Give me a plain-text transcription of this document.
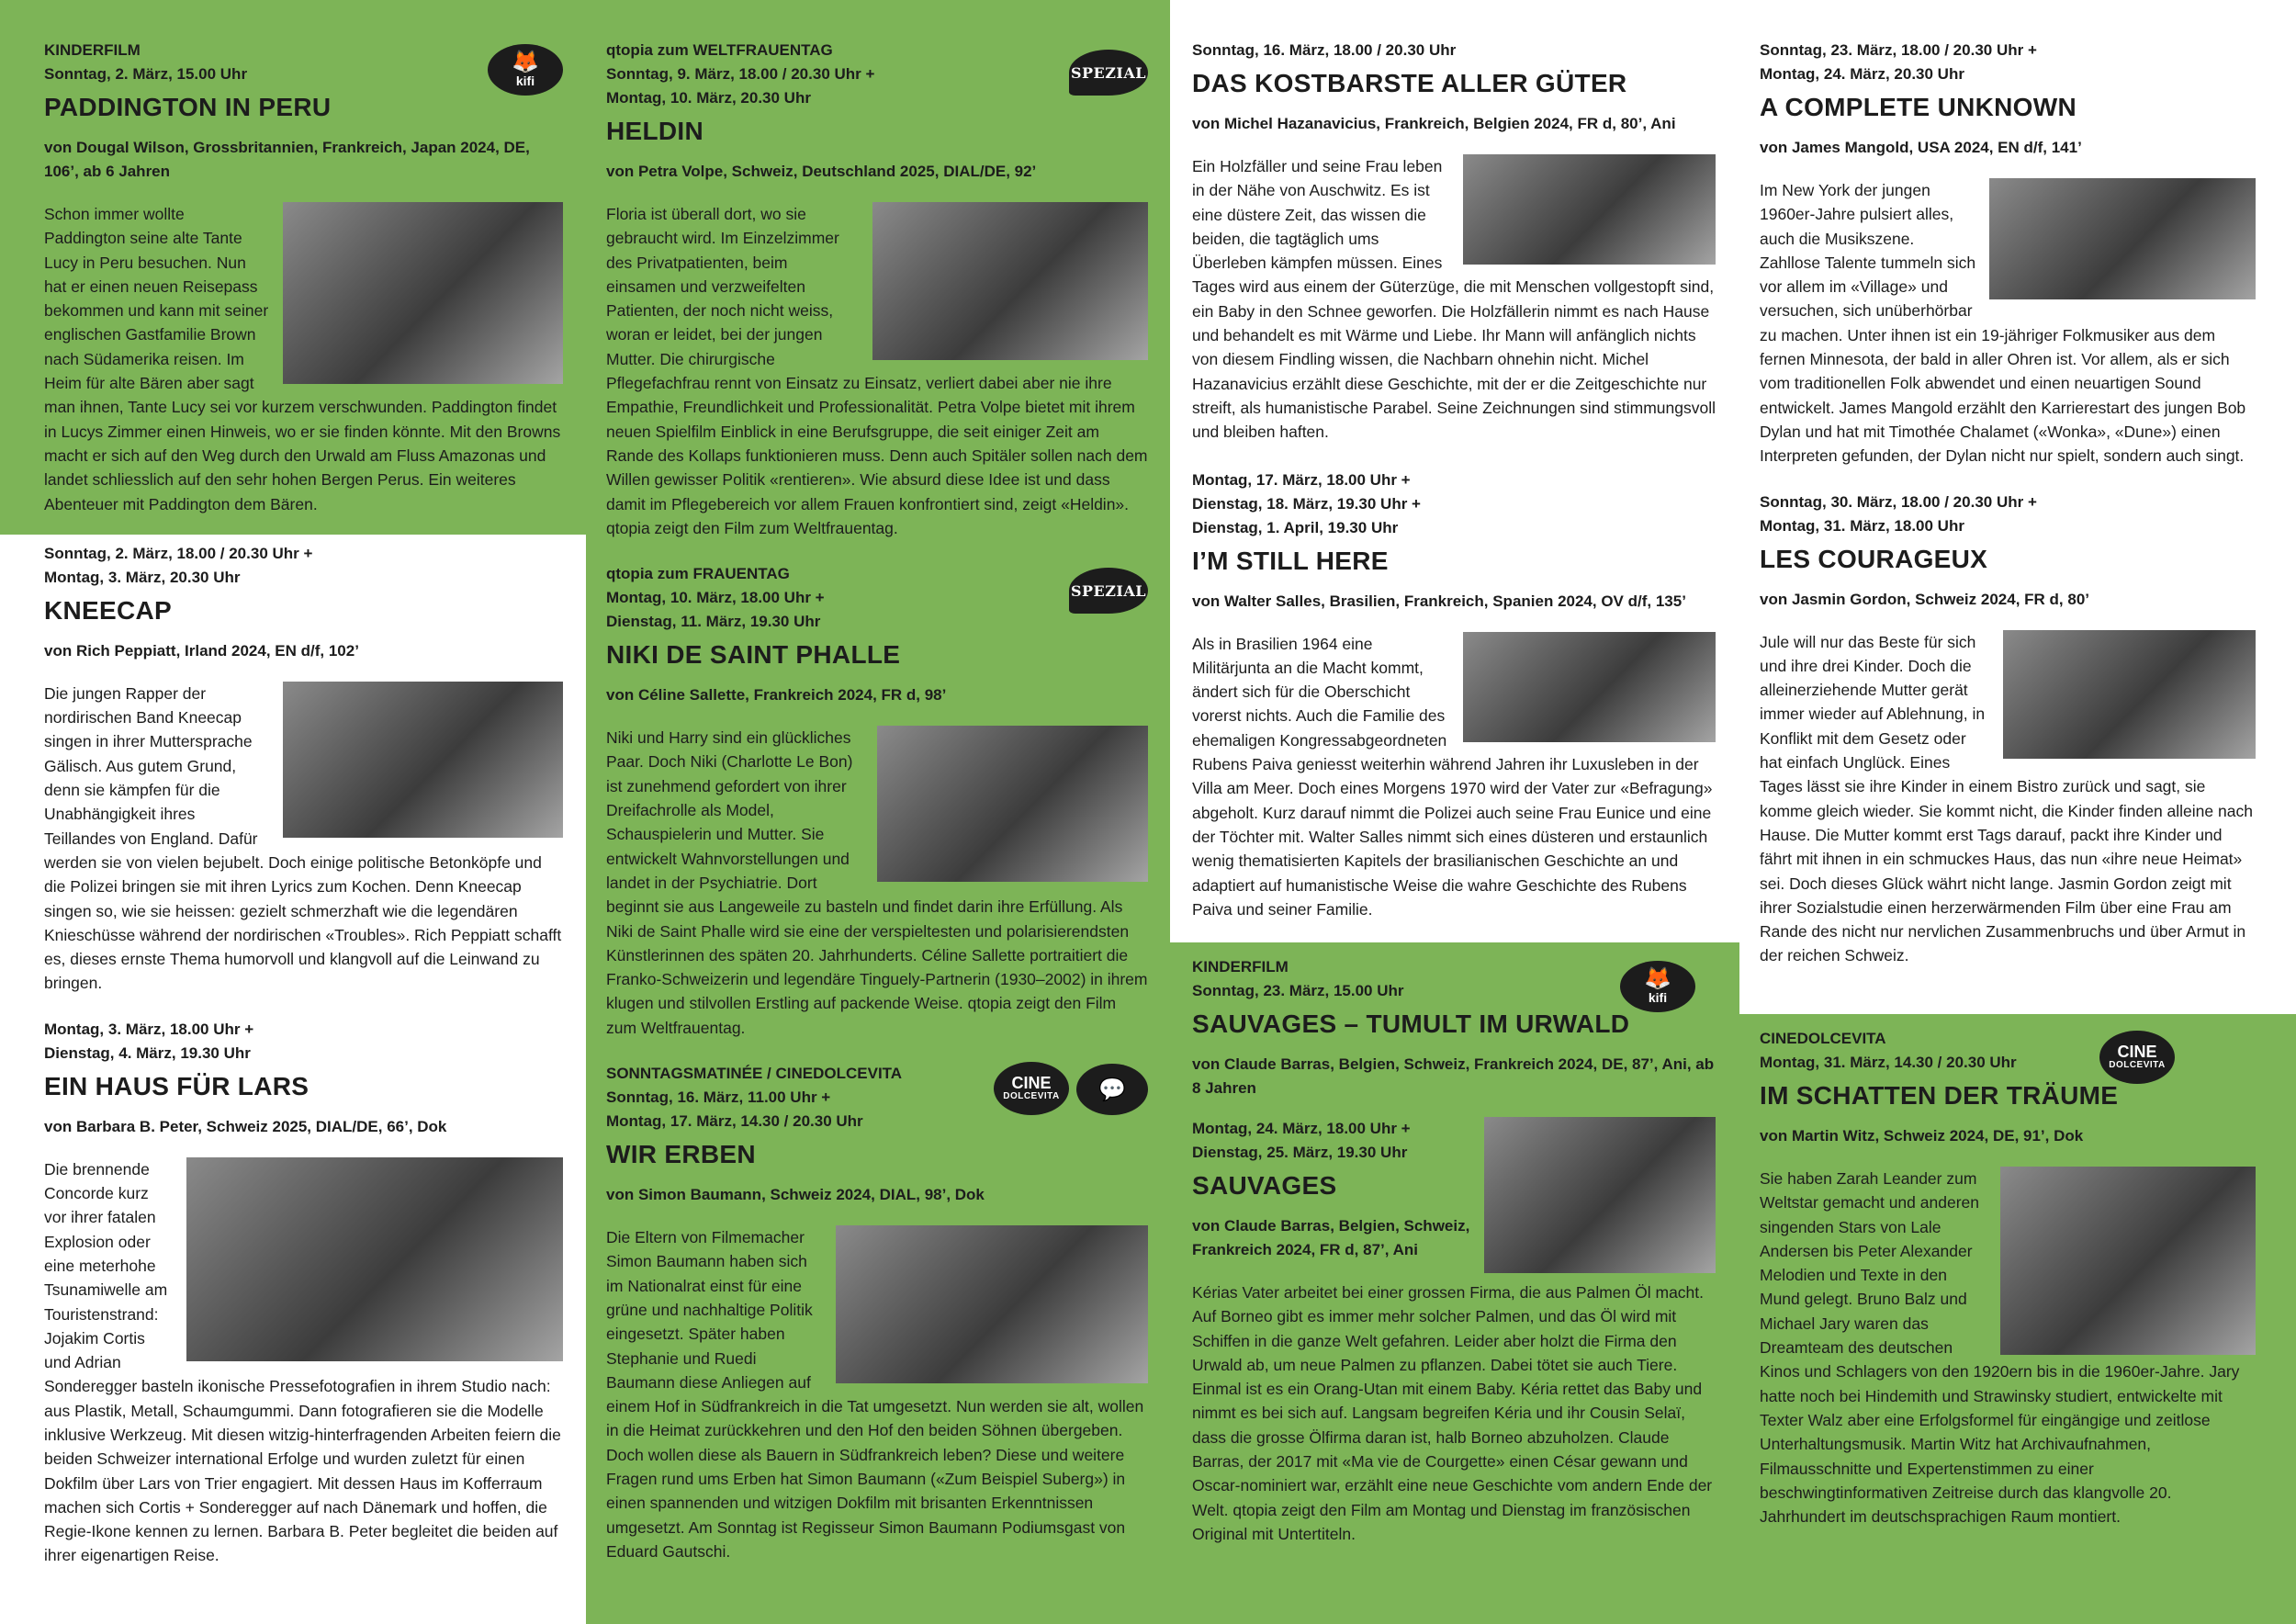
🦊
kifi
KINDERFILM
Sonntag, 2. März, 15.00 Uhr
PADDINGTON IN PERU
von Dougal Wilson, Grossbritannien, Frankreich, Japan 2024, DE, 106’, ab 6 Jahren
Schon immer wollte Paddington seine alte Tante Lucy in Peru besuchen. Nun hat er einen neuen Reisepass bekommen und kann mit seiner englischen Gastfamilie Brown nach Südamerika reisen. Im Heim für alte Bären aber sagt man ihnen, Tante Lucy sei vor kurzem verschwunden. Paddington findet in Lucys Zimmer einen Hinweis, wo er sie finden könnte. Mit den Browns macht er sich auf den Weg durch den Urwald am Fluss Amazonas und landet schliesslich auf den sehr hohen Bergen Perus. Ein weiteres Abenteuer mit Paddington dem Bären.
Sonntag, 2. März, 18.00 / 20.30 Uhr + Montag, 3. März, 20.30 Uhr
KNEECAP
von Rich Peppiatt, Irland 2024, EN d/f, 102’
Die jungen Rapper der nordirischen Band Kneecap singen in ihrer Muttersprache Gälisch. Aus gutem Grund, denn sie kämpfen für die Unabhängigkeit ihres Teillandes von England. Dafür werden sie von vielen bejubelt. Doch einige politische Betonköpfe und die Polizei bringen sie mit ihren Lyrics zum Kochen. Denn Kneecap singen so, wie sie heissen: gezielt schmerzhaft wie die legendären Knieschüsse während der nordirischen «Troubles». Rich Peppiatt schafft es, dieses ernste Thema humorvoll und klangvoll auf die Leinwand zu bringen.
Montag, 3. März, 18.00 Uhr + Dienstag, 4. März, 19.30 Uhr
EIN HAUS FÜR LARS
von Barbara B. Peter, Schweiz 2025, DIAL/DE, 66’, Dok
Die brennende Concorde kurz vor ihrer fatalen Explosion oder eine meterhohe Tsunamiwelle am Touristenstrand: Jojakim Cortis und Adrian Sonderegger basteln ikonische Pressefotografien in ihrem Studio nach: aus Plastik, Metall, Schaumgummi. Dann fotografieren sie die Modelle inklusive Werkzeug. Mit diesen witzig-hinterfragenden Arbeiten feiern die beiden Schweizer international Erfolge und wurden zuletzt für einen Dokfilm über Lars von Trier engagiert. Mit dessen Haus im Kofferraum machen sich Cortis + Sonderegger auf nach Dänemark und hoffen, die Regie-Ikone kennen zu lernen. Barbara B. Peter begleitet die beiden auf ihrer eigenartigen Reise.
SPEZIAL
qtopia zum WELTFRAUENTAG
Sonntag, 9. März, 18.00 / 20.30 Uhr + Montag, 10. März, 20.30 Uhr
HELDIN
von Petra Volpe, Schweiz, Deutschland 2025, DIAL/DE, 92’
Floria ist überall dort, wo sie gebraucht wird. Im Einzelzimmer des Privatpatienten, beim einsamen und verzweifelten Patienten, der noch nicht weiss, woran er leidet, bei der jungen Mutter. Die chirurgische Pflegefachfrau rennt von Einsatz zu Einsatz, verliert dabei aber nie ihre Empathie, Freundlichkeit und Professionalität. Petra Volpe bietet mit ihrem neuen Spielfilm Einblick in eine Berufsgruppe, die seit einiger Zeit am Rande des Kollaps funktionieren muss. Denn auch Spitäler sollen nach dem Willen gewisser Politik «rentieren». Wie absurd diese Idee ist und dass damit im Pflegebereich vor allem Frauen konfrontiert sind, zeigt «Heldin». qtopia zeigt den Film zum Weltfrauentag.
SPEZIAL
qtopia zum FRAUENTAG
Montag, 10. März, 18.00 Uhr + Dienstag, 11. März, 19.30 Uhr
NIKI DE SAINT PHALLE
von Céline Sallette, Frankreich 2024, FR d, 98’
Niki und Harry sind ein glückliches Paar. Doch Niki (Charlotte Le Bon) ist zunehmend gefordert von ihrer Dreifachrolle als Model, Schauspielerin und Mutter. Sie entwickelt Wahnvorstellungen und landet in der Psychiatrie. Dort beginnt sie aus Langeweile zu basteln und findet darin ihre Erfüllung. Als Niki de Saint Phalle wird sie eine der verspieltesten und polarisierendsten Künstlerinnen des späten 20. Jahrhunderts. Céline Sallette portraitiert die Franko-Schweizerin und legendäre Tinguely-Partnerin (1930–2002) in ihrem klugen und stilvollen Erstling auf packende Weise. qtopia zeigt den Film zum Weltfrauentag.
CINE
DOLCEVITA	💬
SONNTAGSMATINÉE / CINEDOLCEVITA
Sonntag, 16. März, 11.00 Uhr + Montag, 17. März, 14.30 / 20.30 Uhr
WIR ERBEN
von Simon Baumann, Schweiz 2024, DIAL, 98’, Dok
Die Eltern von Filmemacher Simon Baumann haben sich im Nationalrat einst für eine grüne und nachhaltige Politik eingesetzt. Später haben Stephanie und Ruedi Baumann diese Anliegen auf einem Hof in Südfrankreich in die Tat umgesetzt. Nun werden sie alt, wollen in die Heimat zurückkehren und den Hof den beiden Söhnen übergeben. Doch wollen diese als Bauern in Südfrankreich leben? Diese und weitere Fragen rund ums Erben hat Simon Baumann («Zum Beispiel Suberg») in einen spannenden und witzigen Dokfilm mit brisanten Erkenntnissen umgesetzt. Am Sonntag ist Regisseur Simon Baumann Podiumsgast von Eduard Gautschi.
Sonntag, 16. März, 18.00 / 20.30 Uhr
DAS KOSTBARSTE ALLER GÜTER
von Michel Hazanavicius, Frankreich, Belgien 2024, FR d, 80’, Ani
Ein Holzfäller und seine Frau leben in der Nähe von Auschwitz. Es ist eine düstere Zeit, das wissen die beiden, die tagtäglich ums Überleben kämpfen müssen. Eines Tages wird aus einem der Güterzüge, die mit Menschen vollgestopft sind, ein Baby in den Schnee geworfen. Die Holzfällerin nimmt es nach Hause und behandelt es mit Wärme und Liebe. Ihr Mann will anfänglich nichts von diesem Findling wissen, die Nachbarn ohnehin nicht. Michel Hazanavicius erzählt diese Geschichte, mit der er die Zeitgeschichte nur streift, als humanistische Parabel. Seine Zeichnungen sind stimmungsvoll und bleiben haften.
Montag, 17. März, 18.00 Uhr + Dienstag, 18. März, 19.30 Uhr + Dienstag, 1. April, 19.30 Uhr
I’M STILL HERE
von Walter Salles, Brasilien, Frankreich, Spanien 2024, OV d/f, 135’
Als in Brasilien 1964 eine Militärjunta an die Macht kommt, ändert sich für die Oberschicht vorerst nichts. Auch die Familie des ehemaligen Kongressabgeordneten Rubens Paiva geniesst weiterhin während Jahren ihr Luxusleben in der Villa am Meer. Doch eines Morgens 1970 wird der Vater zur «Befragung» abgeholt. Kurz darauf nimmt die Polizei auch seine Frau Eunice und eine der Töchter mit. Walter Salles nimmt sich eines düsteren und erstaunlich wenig thematisierten Kapitels der brasilianischen Geschichte an und adaptiert auf humanistische Weise die wahre Geschichte des Rubens Paiva und seiner Familie.
🦊
kifi
KINDERFILM
Sonntag, 23. März, 15.00 Uhr
SAUVAGES – TUMULT IM URWALD
von Claude Barras, Belgien, Schweiz, Frankreich 2024, DE, 87’, Ani, ab 8 Jahren
Montag, 24. März, 18.00 Uhr + Dienstag, 25. März, 19.30 Uhr
SAUVAGES
von Claude Barras, Belgien, Schweiz, Frankreich 2024, FR d, 87’, Ani
Kérias Vater arbeitet bei einer grossen Firma, die aus Palmen Öl macht. Auf Borneo gibt es immer mehr solcher Palmen, und das Öl wird mit Schiffen in die ganze Welt gefahren. Leider aber holzt die Firma den Urwald ab, um neue Palmen zu pflanzen. Dabei tötet sie auch Tiere. Einmal ist es ein Orang-Utan mit einem Baby. Kéria rettet das Baby und nimmt es bei sich auf. Langsam begreifen Kéria und ihr Cousin Selaï, dass die grosse Ölfirma daran ist, halb Borneo abzuholzen. Claude Barras, der 2017 mit «Ma vie de Courgette» einen César gewann und Oscar-nominiert war, erzählt eine neue Geschichte vom andern Ende der Welt. qtopia zeigt den Film am Montag und Dienstag im französischen Original mit Untertiteln.
Sonntag, 23. März, 18.00 / 20.30 Uhr + Montag, 24. März, 20.30 Uhr
A COMPLETE UNKNOWN
von James Mangold, USA 2024, EN d/f, 141’
Im New York der jungen 1960er-Jahre pulsiert alles, auch die Musikszene. Zahllose Talente tummeln sich vor allem im «Village» und versuchen, sich unüberhörbar zu machen. Unter ihnen ist ein 19-jähriger Folkmusiker aus dem fernen Minnesota, der bald in aller Ohren ist. Vor allem, als er sich vom traditionellen Folk abwendet und einen neuartigen Sound entwickelt. James Mangold erzählt den Karrierestart des jungen Bob Dylan und hat mit Timothée Chalamet («Wonka», «Dune») einen Interpreten gefunden, der Dylan nicht nur spielt, sondern auch singt.
Sonntag, 30. März, 18.00 / 20.30 Uhr + Montag, 31. März, 18.00 Uhr
LES COURAGEUX
von Jasmin Gordon, Schweiz 2024, FR d, 80’
Jule will nur das Beste für sich und ihre drei Kinder. Doch die alleinerziehende Mutter gerät immer wieder auf Ablehnung, in Konflikt mit dem Gesetz oder hat einfach Unglück. Eines Tages lässt sie ihre Kinder in einem Bistro zurück und sagt, sie komme gleich wieder. Sie kommt nicht, die Kinder finden alleine nach Hause. Die Mutter kommt erst Tags darauf, packt ihre Kinder und fährt mit ihnen in ein schmuckes Haus, das nun «ihre neue Heimat» sei. Doch dieses Glück währt nicht lange. Jasmin Gordon zeigt mit ihrer Sozialstudie einen herzerwärmenden Film über eine Frau am Rande des nicht nur nervlichen Zusammenbruchs und über Armut in der reichen Schweiz.
CINE
DOLCEVITA
CINEDOLCEVITA
Montag, 31. März, 14.30 / 20.30 Uhr
IM SCHATTEN DER TRÄUME
von Martin Witz, Schweiz 2024, DE, 91’, Dok
Sie haben Zarah Leander zum Weltstar gemacht und anderen singenden Stars von Lale Andersen bis Peter Alexander Melodien und Texte in den Mund gelegt. Bruno Balz und Michael Jary waren das Dreamteam des deutschen Kinos und Schlagers von den 1920ern bis in die 1960er-Jahre. Jary hatte noch bei Hindemith und Strawinsky studiert, entwickelte mit Texter Walz aber eine Erfolgsformel für eingängige und zeitlose Unterhaltungsmusik. Martin Witz hat Archivaufnahmen, Filmausschnitte und Expertenstimmen zu einer beschwingtinformativen Zeitreise durch das klangvolle 20. Jahrhundert im deutschsprachigen Raum montiert.
